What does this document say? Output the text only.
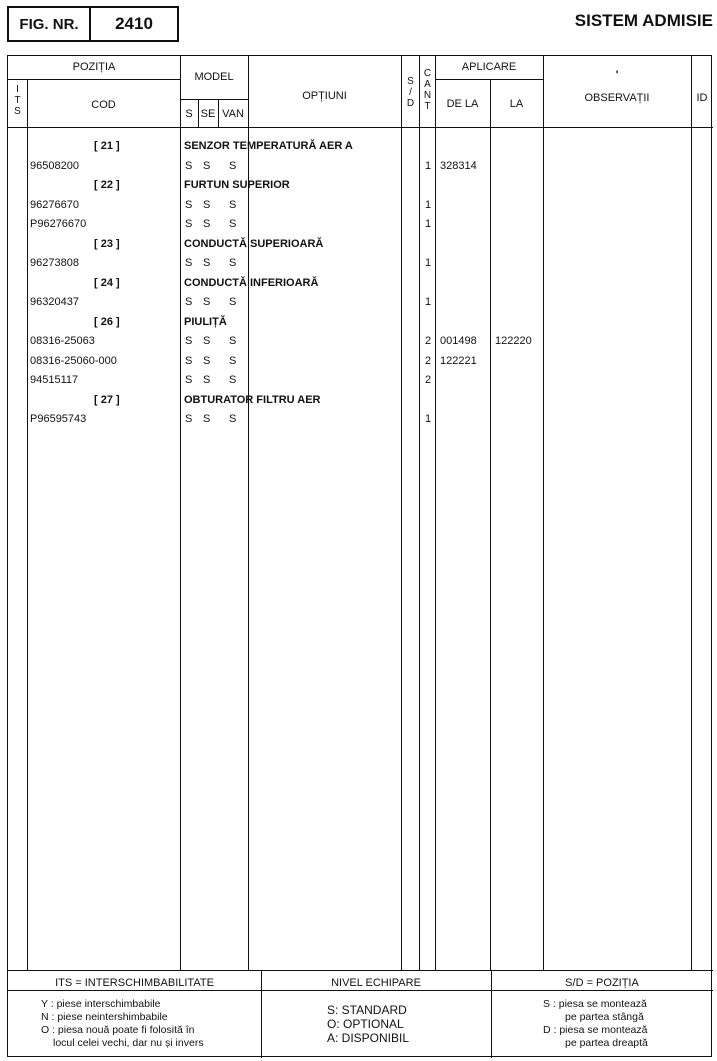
FIG. NR.	2410	SISTEM ADMISIE
POZIȚIA
I
T
S
COD
MODEL
S SE VAN
OPȚIUNI
S
/
D
C
A
N
T
APLICARE
DE LA	LA
'
OBSERVAȚII	ID
[ 21 ]	SENZOR TEMPERATURĂ AER A
96508200	S S S	1 328314
[ 22 ]	FURTUN SUPERIOR
96276670	S S S	1
P96276670	S S S	1
[ 23 ]	CONDUCTĂ SUPERIOARĂ
96273808	S S S	1
[ 24 ]	CONDUCTĂ INFERIOARĂ
96320437	S S S	1
[ 26 ]	PIULIȚĂ
08316-25063	S S S	2 001498 122220
08316-25060-000	S S S	2 122221
94515117	S S S	2
[ 27 ]	OBTURATOR FILTRU AER
P96595743	S S S	1
ITS = INTERSCHIMBABILITATE
Y : piese interschimbabile
N : piese neintershimbabile
O : piesa nouă poate fi folosită în
locul celei vechi, dar nu și invers
NIVEL ECHIPARE
S: STANDARD
O: OPTIONAL
A: DISPONIBIL
S/D = POZIȚIA
S : piesa se montează
pe partea stângă
D : piesa se montează
pe partea dreaptă
